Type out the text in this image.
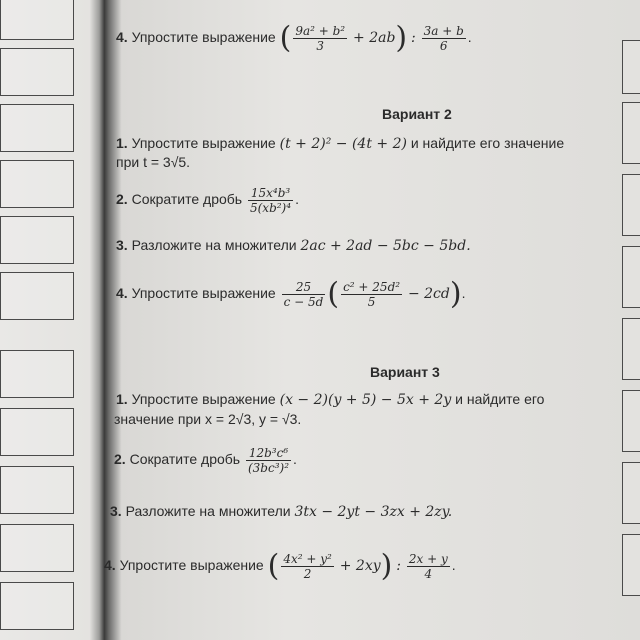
4. Упростите выражение ( $\frac{\text{9a² + b²}}{3} + 2ab$) : $\frac{3a + b}{6}$ .
Вариант 2
1. Упростите выражение (t + 2)² − (4t + 2) и найдите его значение
при t = 3√5.
2. Сократите дробь $\frac{\text{15x⁴b³}}{\text{5(xb²)⁴}}$ .
3. Разложите на множители 2ac + 2ad − 5bc − 5bd.
4. Упростите выражение $\frac{25}{c - 5d}$ ( $\frac{\text{c² + 25d²}}{5} - 2cd$).
Вариант 3
1. Упростите выражение (x − 2)(y + 5) − 5x + 2y и найдите его
значение при x = 2√3, y = √3.
2. Сократите дробь $\frac{\text{12b³c⁶}}{\text{(3bc³)²}}$ .
3. Разложите на множители 3tx − 2yt − 3zx + 2zy.
4. Упростите выражение ( $\frac{\text{4x² + y²}}{2} + 2xy$) : $\frac{2x + y}{4}$ .
